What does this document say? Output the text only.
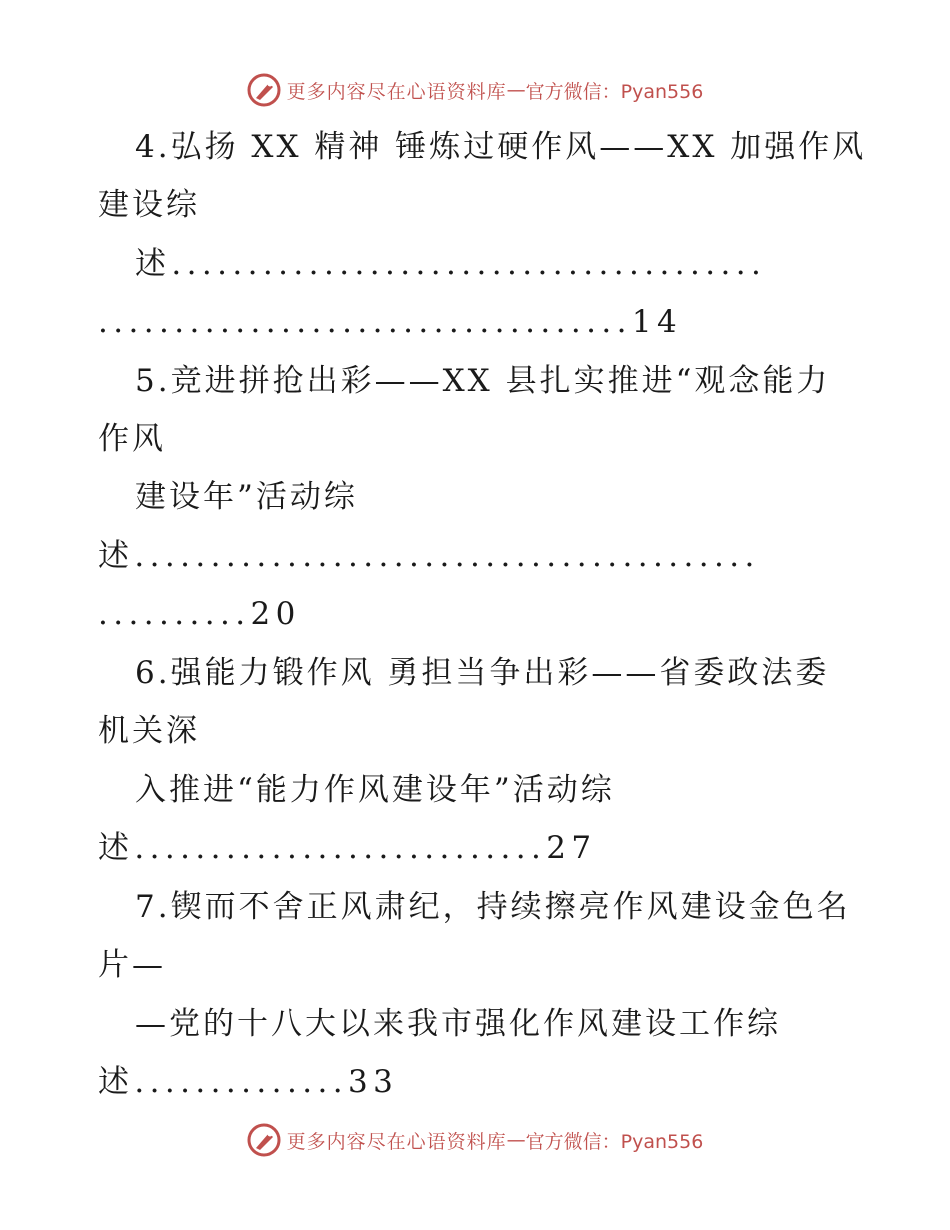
更多内容尽在心语资料库 — 官方微信：Pyan556
4.弘扬 XX 精神 锤炼过硬作风——XX 加强作风
建设综
述.......................................
...................................14
5.竞进拼抢出彩——XX 县扎实推进“观念能力
作风
建设年”活动综
述.........................................
..........20
6.强能力锻作风 勇担当争出彩——省委政法委
机关深
入推进“能力作风建设年”活动综
述...........................27
7.锲而不舍正风肃纪，持续擦亮作风建设金色名
片—
—党的十八大以来我市强化作风建设工作综
述..............33
更多内容尽在心语资料库 — 官方微信：Pyan556
